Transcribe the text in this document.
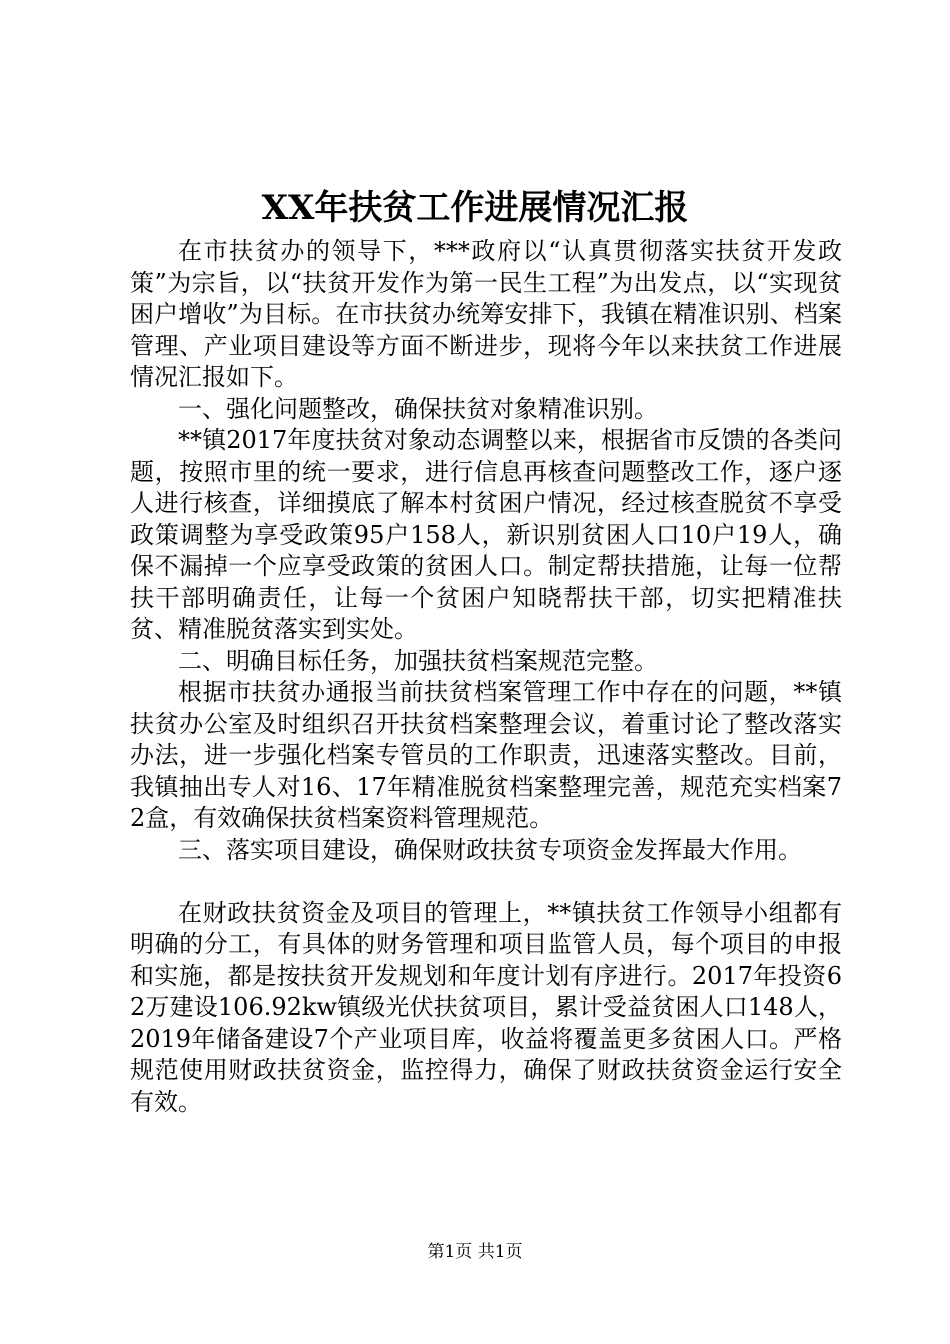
XX年扶贫工作进展情况汇报

在市扶贫办的领导下，***政府以“认真贯彻落实扶贫开发政策”为宗旨，以“扶贫开发作为第一民生工程”为出发点，以“实现贫困户增收”为目标。在市扶贫办统筹安排下，我镇在精准识别、档案管理、产业项目建设等方面不断进步，现将今年以来扶贫工作进展情况汇报如下。

一、强化问题整改，确保扶贫对象精准识别。

**镇2017年度扶贫对象动态调整以来，根据省市反馈的各类问题，按照市里的统一要求，进行信息再核查问题整改工作，逐户逐人进行核查，详细摸底了解本村贫困户情况，经过核查脱贫不享受政策调整为享受政策95户158人，新识别贫困人口10户19人，确保不漏掉一个应享受政策的贫困人口。制定帮扶措施，让每一位帮扶干部明确责任，让每一个贫困户知晓帮扶干部，切实把精准扶贫、精准脱贫落实到实处。

二、明确目标任务，加强扶贫档案规范完整。

根据市扶贫办通报当前扶贫档案管理工作中存在的问题，**镇扶贫办公室及时组织召开扶贫档案整理会议，着重讨论了整改落实办法，进一步强化档案专管员的工作职责，迅速落实整改。目前，我镇抽出专人对16、17年精准脱贫档案整理完善，规范充实档案72盒，有效确保扶贫档案资料管理规范。

三、落实项目建设，确保财政扶贫专项资金发挥最大作用。

在财政扶贫资金及项目的管理上，**镇扶贫工作领导小组都有明确的分工，有具体的财务管理和项目监管人员，每个项目的申报和实施，都是按扶贫开发规划和年度计划有序进行。2017年投资62万建设106.92kw镇级光伏扶贫项目，累计受益贫困人口148人，2019年储备建设7个产业项目库，收益将覆盖更多贫困人口。严格规范使用财政扶贫资金，监控得力，确保了财政扶贫资金运行安全有效。

第1页 共1页
